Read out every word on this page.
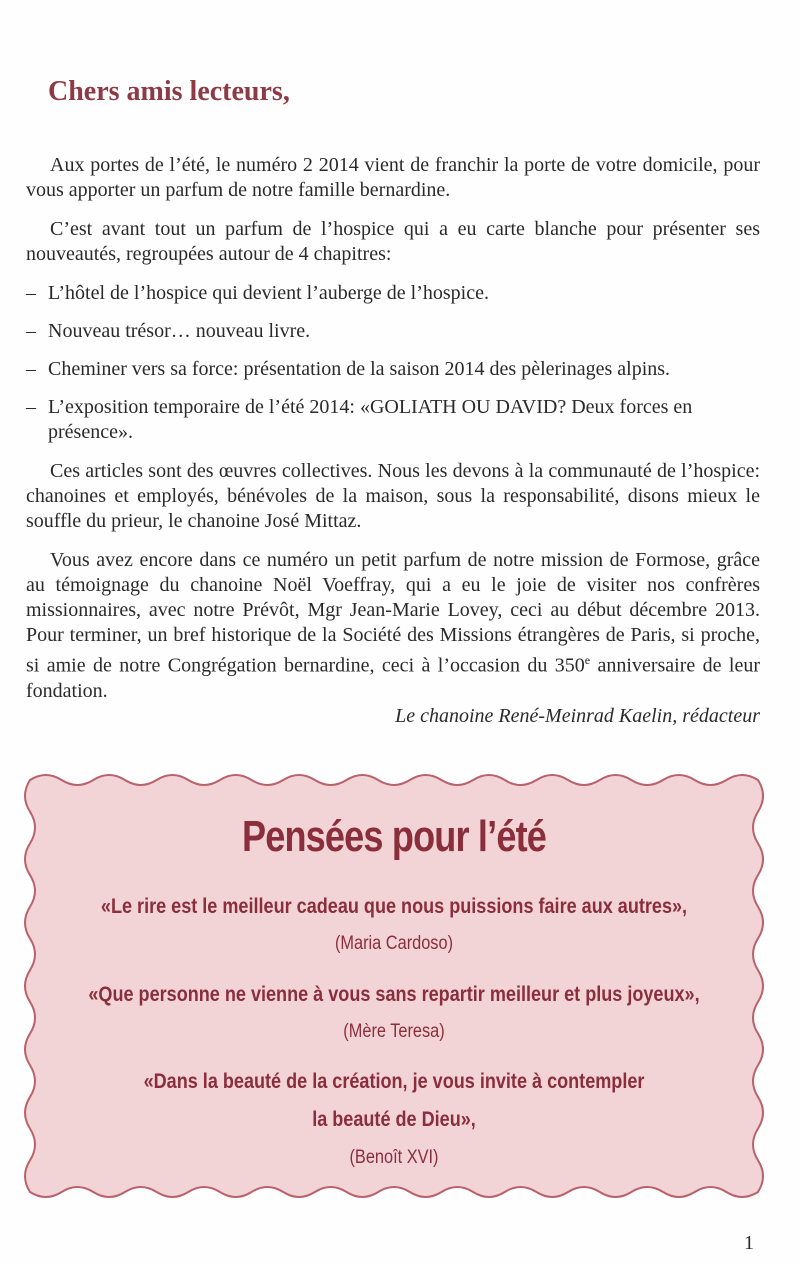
Chers amis lecteurs,

Aux portes de l’été, le numéro 2 2014 vient de franchir la porte de votre domicile, pour vous apporter un parfum de notre famille bernardine.

C’est avant tout un parfum de l’hospice qui a eu carte blanche pour présenter ses nouveautés, regroupées autour de 4 chapitres:

– L’hôtel de l’hospice qui devient l’auberge de l’hospice.
– Nouveau trésor… nouveau livre.
– Cheminer vers sa force: présentation de la saison 2014 des pèlerinages alpins.
– L’exposition temporaire de l’été 2014: «GOLIATH OU DAVID? Deux forces en présence».

Ces articles sont des œuvres collectives. Nous les devons à la communauté de l’hospice: chanoines et employés, bénévoles de la maison, sous la responsabilité, disons mieux le souffle du prieur, le chanoine José Mittaz.

Vous avez encore dans ce numéro un petit parfum de notre mission de Formose, grâce au témoignage du chanoine Noël Voeffray, qui a eu le joie de visiter nos confrères missionnaires, avec notre Prévôt, Mgr Jean-Marie Lovey, ceci au début décembre 2013. Pour terminer, un bref historique de la Société des Missions étrangères de Paris, si proche, si amie de notre Congrégation bernardine, ceci à l’occasion du 350e anniversaire de leur fondation.

Le chanoine René-Meinrad Kaelin, rédacteur
Pensées pour l’été
«Le rire est le meilleur cadeau que nous puissions faire aux autres»,
(Maria Cardoso)
«Que personne ne vienne à vous sans repartir meilleur et plus joyeux»,
(Mère Teresa)
«Dans la beauté de la création, je vous invite à contempler
la beauté de Dieu»,
(Benoît XVI)
1
